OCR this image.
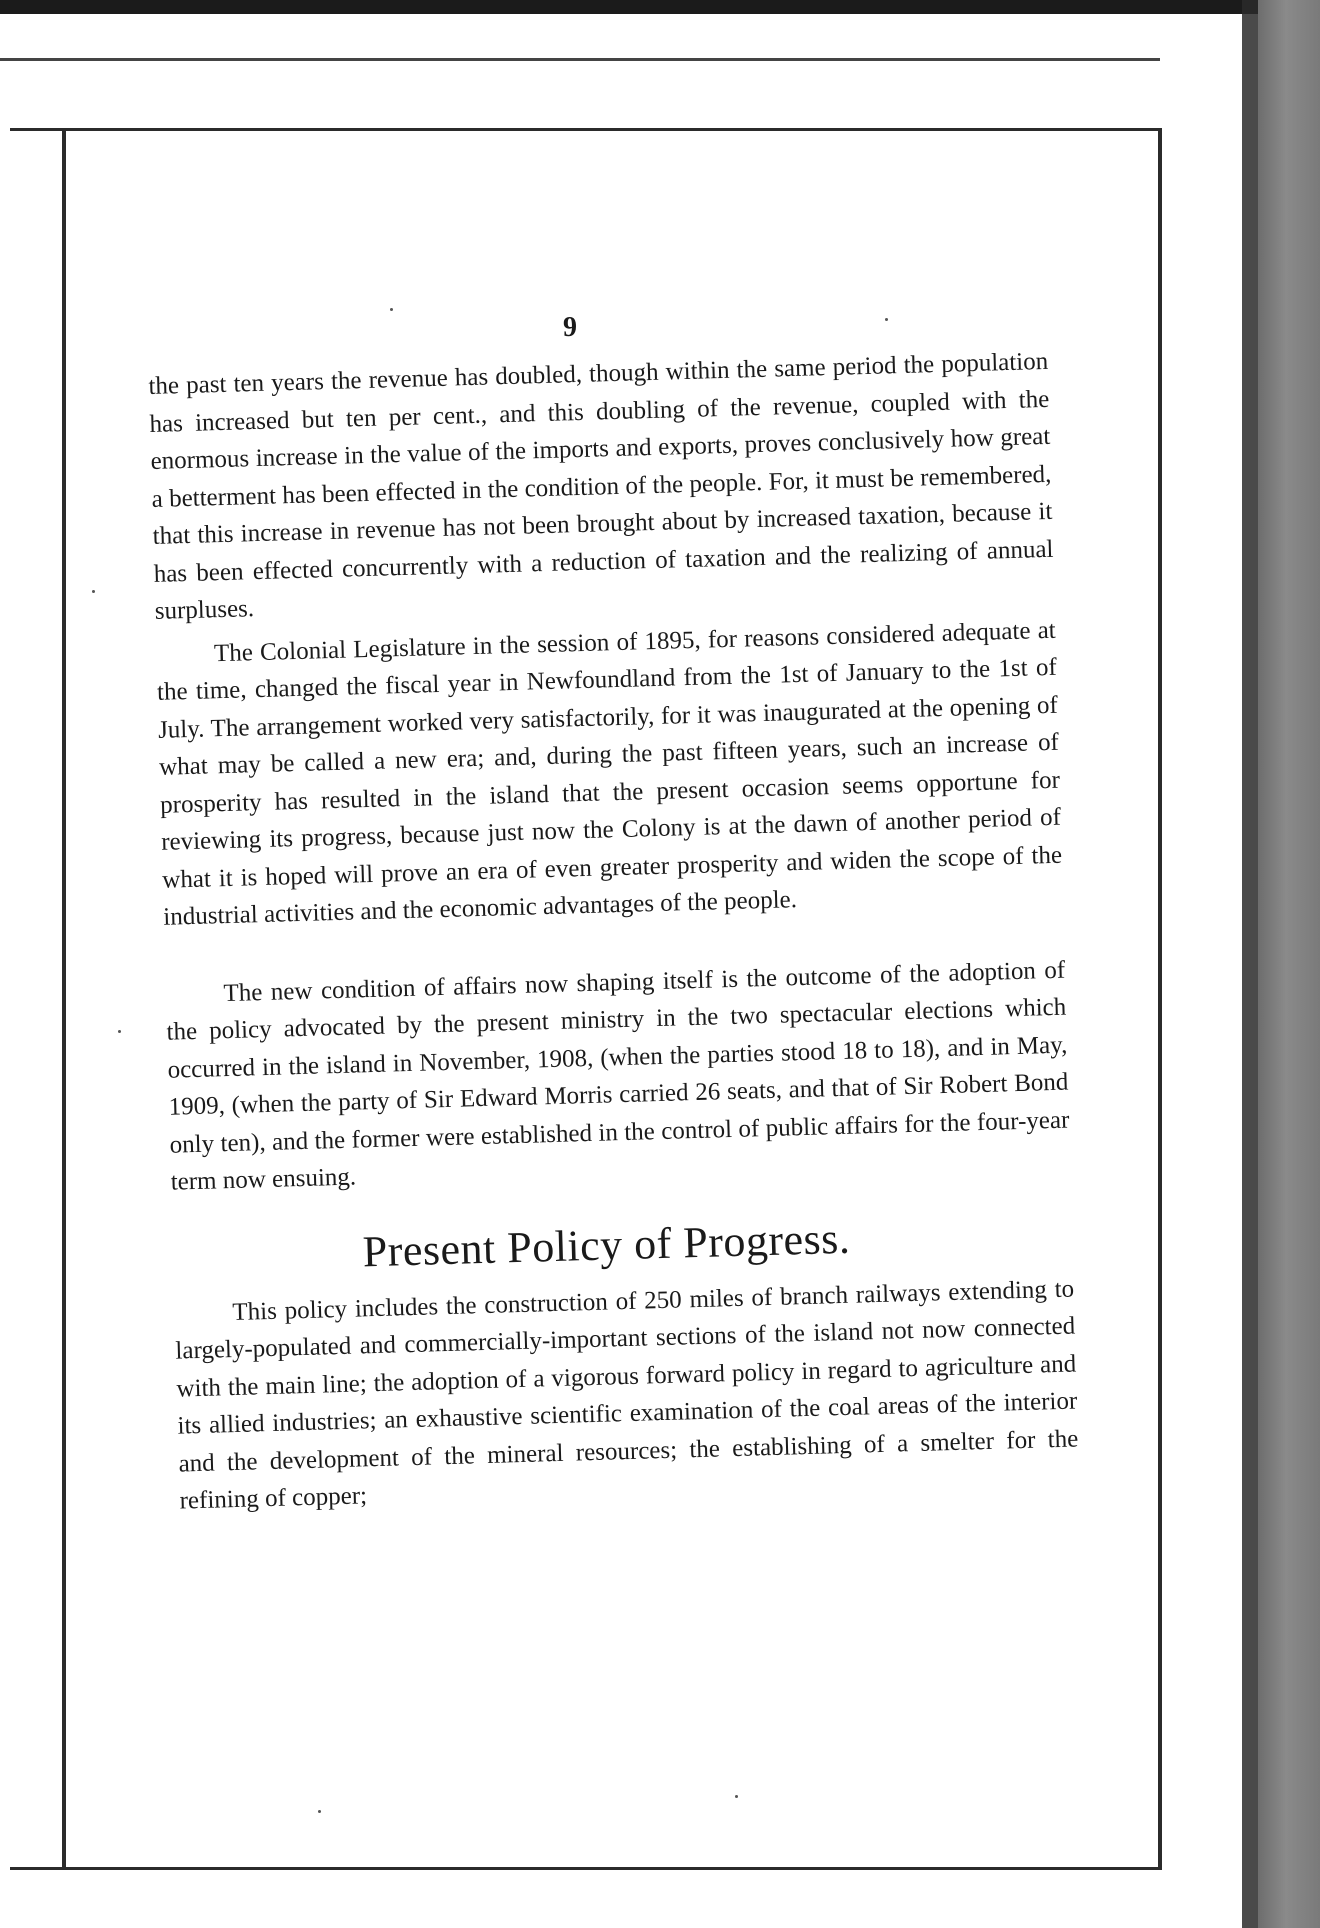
9

the past ten years the revenue has doubled, though within the same period the population has increased but ten per cent., and this doubling of the revenue, coupled with the enormous increase in the value of the imports and exports, proves conclusively how great a betterment has been effected in the condition of the people. For, it must be remembered, that this increase in revenue has not been brought about by increased taxation, because it has been effected concurrently with a reduction of taxation and the realizing of annual surpluses.

The Colonial Legislature in the session of 1895, for reasons considered adequate at the time, changed the fiscal year in Newfoundland from the 1st of January to the 1st of July. The arrangement worked very satisfactorily, for it was inaugurated at the opening of what may be called a new era; and, during the past fifteen years, such an increase of prosperity has resulted in the island that the present occasion seems opportune for reviewing its progress, because just now the Colony is at the dawn of another period of what it is hoped will prove an era of even greater prosperity and widen the scope of the industrial activities and the economic advantages of the people.

The new condition of affairs now shaping itself is the outcome of the adoption of the policy advocated by the present ministry in the two spectacular elections which occurred in the island in November, 1908, (when the parties stood 18 to 18), and in May, 1909, (when the party of Sir Edward Morris carried 26 seats, and that of Sir Robert Bond only ten), and the former were established in the control of public affairs for the four-year term now ensuing.

Present Policy of Progress.

This policy includes the construction of 250 miles of branch railways extending to largely-populated and commercially-important sections of the island not now connected with the main line; the adoption of a vigorous forward policy in regard to agriculture and its allied industries; an exhaustive scientific examination of the coal areas of the interior and the development of the mineral resources; the establishing of a smelter for the refining of copper;
